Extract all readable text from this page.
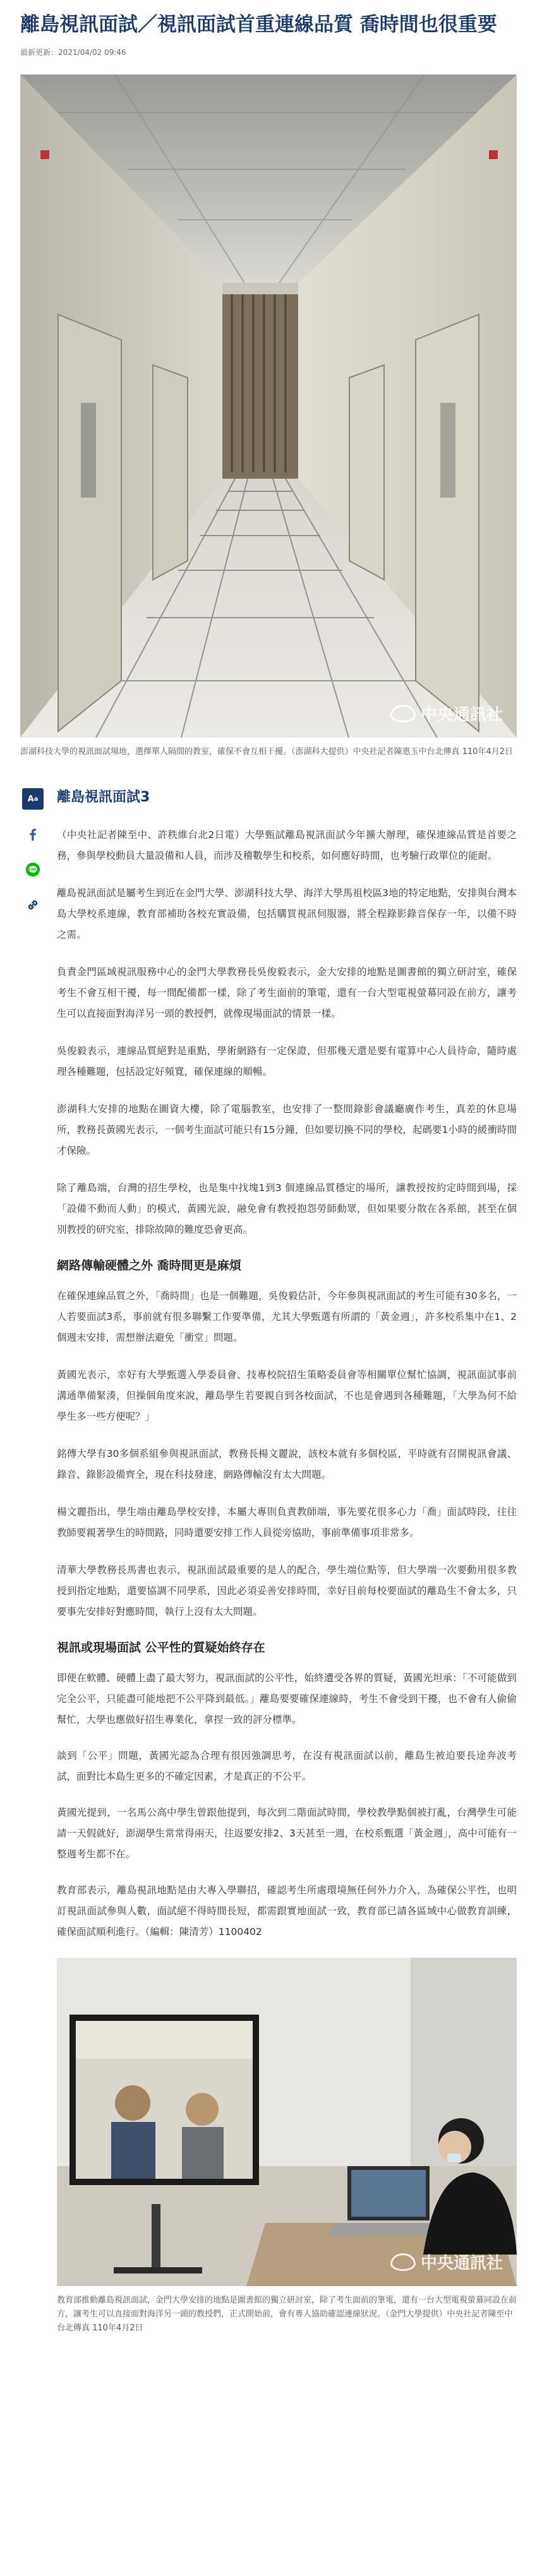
離島視訊面試／視訊面試首重連線品質 喬時間也很重要
最新更新：2021/04/02 09:46
中央通訊社

澎湖科技大學的視訊面試場地，選擇單人隔間的教室，確保不會互相干擾。（澎湖科大提供）中央社記者陳惠玉中台北傳真 110年4月2日

A a
LINE
離島視訊面試3

（中央社記者陳至中、許秩維台北2日電）大學甄試離島視訊面試今年擴大辦理，確保連線品質是首要之務，參與學校動員大量設備和人員，而涉及稽數學生和校系，如何應好時間，也考驗行政單位的能耐。

離島視訊面試是屬考生到近在金門大學、澎湖科技大學、海洋大學馬祖校區3地的特定地點，安排與台灣本島大學校系連線，教育部補助各校充實設備，包括購買視訊伺服器，將全程錄影錄音保存一年，以備不時之需。

負責金門區域視訊服務中心的金門大學教務長吳俊毅表示，金大安排的地點是圖書館的獨立研討室，確保考生不會互相干擾，每一間配備都一樣，除了考生面前的筆電，還有一台大型電視螢幕同設在前方，讓考生可以直接面對海洋另一頭的教授們，就像現場面試的情景一樣。

吳俊毅表示，連線品質絕對是重點，學術網路有一定保證，但那幾天還是要有電算中心人員待命，隨時處理各種難題，包括設定好頻寬，確保連線的順暢。

澎湖科大安排的地點在圖資大樓，除了電腦教室，也安排了一整間錄影會議廳廣作考生，真差的休息場所，教務長黃國光表示，一個考生面試可能只有15分鐘，但如要切換不同的學校，起碼要1小時的緩衝時間才保險。

除了離島端，台灣的招生學校，也是集中找塊1到3 個連線品質穩定的場所，讓教授按約定時間到場，採「設備不動而人動」的模式，黃國光說，融免會有教授抱怨勞師動眾，但如果要分散在各系館，甚至在個別教授的研究室，排除故障的難度恐會更高。

網路傳輸硬體之外 喬時間更是麻煩

在確保連線品質之外，「喬時間」也是一個難題，吳俊毅估計，今年參與視訊面試的考生可能有30多名，一人若要面試3系，事前就有很多聯繫工作要準備，尤其大學甄選有所謂的「黃金週」，許多校系集中在1、2 個週末安排，需想辦法避免「衝堂」問題。

黃國光表示，幸好有大學甄選入學委員會、技專校院招生策略委員會等相關單位幫忙協調，視訊面試事前溝通準備緊湊，但操個角度來說，離島學生若要親自到各校面試，不也是會遇到各種難題，「大學為何不給學生多一些方便呢？」

銘傳大學有30多個系組參與視訊面試，教務長楊文麗說，該校本就有多個校區，平時就有召開視訊會議、錄音、錄影設備齊全，現在科技發達，網路傳輸沒有太大問題。

楊文麗指出，學生端由離島學校安排，本屬大專則負責教師端，事先要花很多心力「喬」面試時段，往往教師要親著學生的時間路，同時還要安排工作人員從旁協助，事前準備事項非常多。

清華大學教務長馬書也表示，視訊面試最重要的是人的配合，學生端位點等，但大學端一次要動用很多教授到指定地點，還要協調不同學系，因此必須妥善安排時間，幸好目前每校要面試的離島生不會太多，只要事先安排好對應時間，執行上沒有太大問題。

視訊或現場面試 公平性的質疑始終存在

即便在軟體、硬體上盡了最大努力，視訊面試的公平性，始終遭受各界的質疑，黃國光坦承：「不可能做到完全公平，只能盡可能地把不公平降到最低。」離島要要確保連線時，考生不會受到干擾，也不會有人偷偷幫忙，大學也應做好招生專業化，拿捏一致的評分標準。

談到「公平」問題，黃國光認為合理有很因強調思考，在沒有視訊面試以前，離島生被迫要長途奔波考試，面對比本島生更多的不確定因素，才是真正的不公平。

黃國光提到，一名馬公高中學生曾跟他提到，每次到二階面試時間，學校教學點個被打亂，台灣學生可能請一天假就好，澎湖學生常常得兩天，往返要安排2、3天甚至一週，在校系甄選「黃金週」，高中可能有一整週考生都不在。

教育部表示，離島視訊地點是由大專入學聯招，確認考生所處環境無任何外力介入，為確保公平性，也明訂視訊面試參與人數，面試絕不得時間長短，都需跟實地面試一致，教育部已請各區域中心做教育訓練，確保面試順利進行。（編輯：陳清芳）1100402

中央通訊社

教育部推動離島視訊面試，金門大學安排的地點是圖書館的獨立研討室，除了考生面前的筆電，還有一台大型電視螢幕同設在前方，讓考生可以直接面對海洋另一頭的教授們，正式開始前，會有專人協助確認連線狀況。（金門大學提供）中央社記者陳至中台北傳真 110年4月2日
